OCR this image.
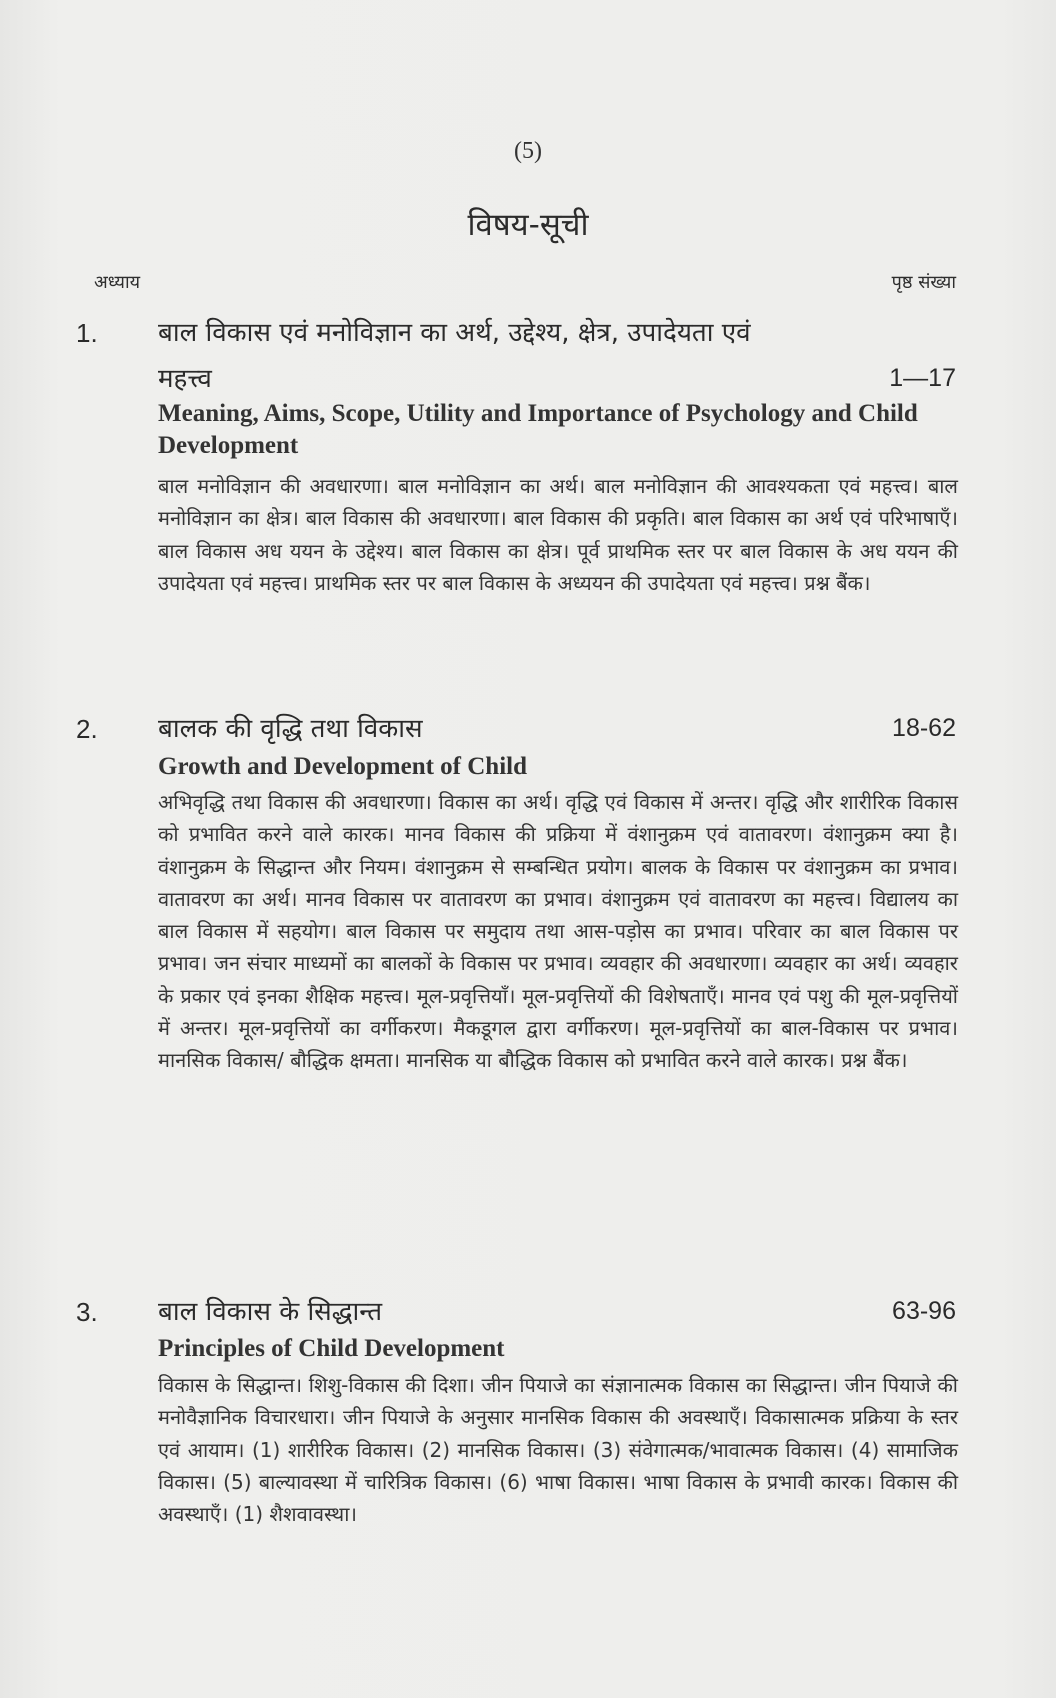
(5)
विषय-सूची
अध्याय	पृष्ठ संख्या
1. बाल विकास एवं मनोविज्ञान का अर्थ, उद्देश्य, क्षेत्र, उपादेयता एवं
महत्त्व	1—17
Meaning, Aims, Scope, Utility and Importance of Psychology and Child Development
बाल मनोविज्ञान की अवधारणा। बाल मनोविज्ञान का अर्थ। बाल मनोविज्ञान की आवश्यकता एवं महत्त्व। बाल मनोविज्ञान का क्षेत्र। बाल विकास की अवधारणा। बाल विकास की प्रकृति। बाल विकास का अर्थ एवं परिभाषाएँ। बाल विकास अध ययन के उद्देश्य। बाल विकास का क्षेत्र। पूर्व प्राथमिक स्तर पर बाल विकास के अध ययन की उपादेयता एवं महत्त्व। प्राथमिक स्तर पर बाल विकास के अध्ययन की उपादेयता एवं महत्त्व। प्रश्न बैंक।
2. बालक की वृद्धि तथा विकास	18-62
Growth and Development of Child
अभिवृद्धि तथा विकास की अवधारणा। विकास का अर्थ। वृद्धि एवं विकास में अन्तर। वृद्धि और शारीरिक विकास को प्रभावित करने वाले कारक। मानव विकास की प्रक्रिया में वंशानुक्रम एवं वातावरण। वंशानुक्रम क्या है। वंशानुक्रम के सिद्धान्त और नियम। वंशानुक्रम से सम्बन्धित प्रयोग। बालक के विकास पर वंशानुक्रम का प्रभाव। वातावरण का अर्थ। मानव विकास पर वातावरण का प्रभाव। वंशानुक्रम एवं वातावरण का महत्त्व। विद्यालय का बाल विकास में सहयोग। बाल विकास पर समुदाय तथा आस-पड़ोस का प्रभाव। परिवार का बाल विकास पर प्रभाव। जन संचार माध्यमों का बालकों के विकास पर प्रभाव। व्यवहार की अवधारणा। व्यवहार का अर्थ। व्यवहार के प्रकार एवं इनका शैक्षिक महत्त्व। मूल-प्रवृत्तियाँ। मूल-प्रवृत्तियों की विशेषताएँ। मानव एवं पशु की मूल-प्रवृत्तियों में अन्तर। मूल-प्रवृत्तियों का वर्गीकरण। मैकडूगल द्वारा वर्गीकरण। मूल-प्रवृत्तियों का बाल-विकास पर प्रभाव। मानसिक विकास/ बौद्धिक क्षमता। मानसिक या बौद्धिक विकास को प्रभावित करने वाले कारक। प्रश्न बैंक।
3. बाल विकास के सिद्धान्त	63-96
Principles of Child Development
विकास के सिद्धान्त। शिशु-विकास की दिशा। जीन पियाजे का संज्ञानात्मक विकास का सिद्धान्त। जीन पियाजे की मनोवैज्ञानिक विचारधारा। जीन पियाजे के अनुसार मानसिक विकास की अवस्थाएँ। विकासात्मक प्रक्रिया के स्तर एवं आयाम। (1) शारीरिक विकास। (2) मानसिक विकास। (3) संवेगात्मक/भावात्मक विकास। (4) सामाजिक विकास। (5) बाल्यावस्था में चारित्रिक विकास। (6) भाषा विकास। भाषा विकास के प्रभावी कारक। विकास की अवस्थाएँ। (1) शैशवावस्था।
